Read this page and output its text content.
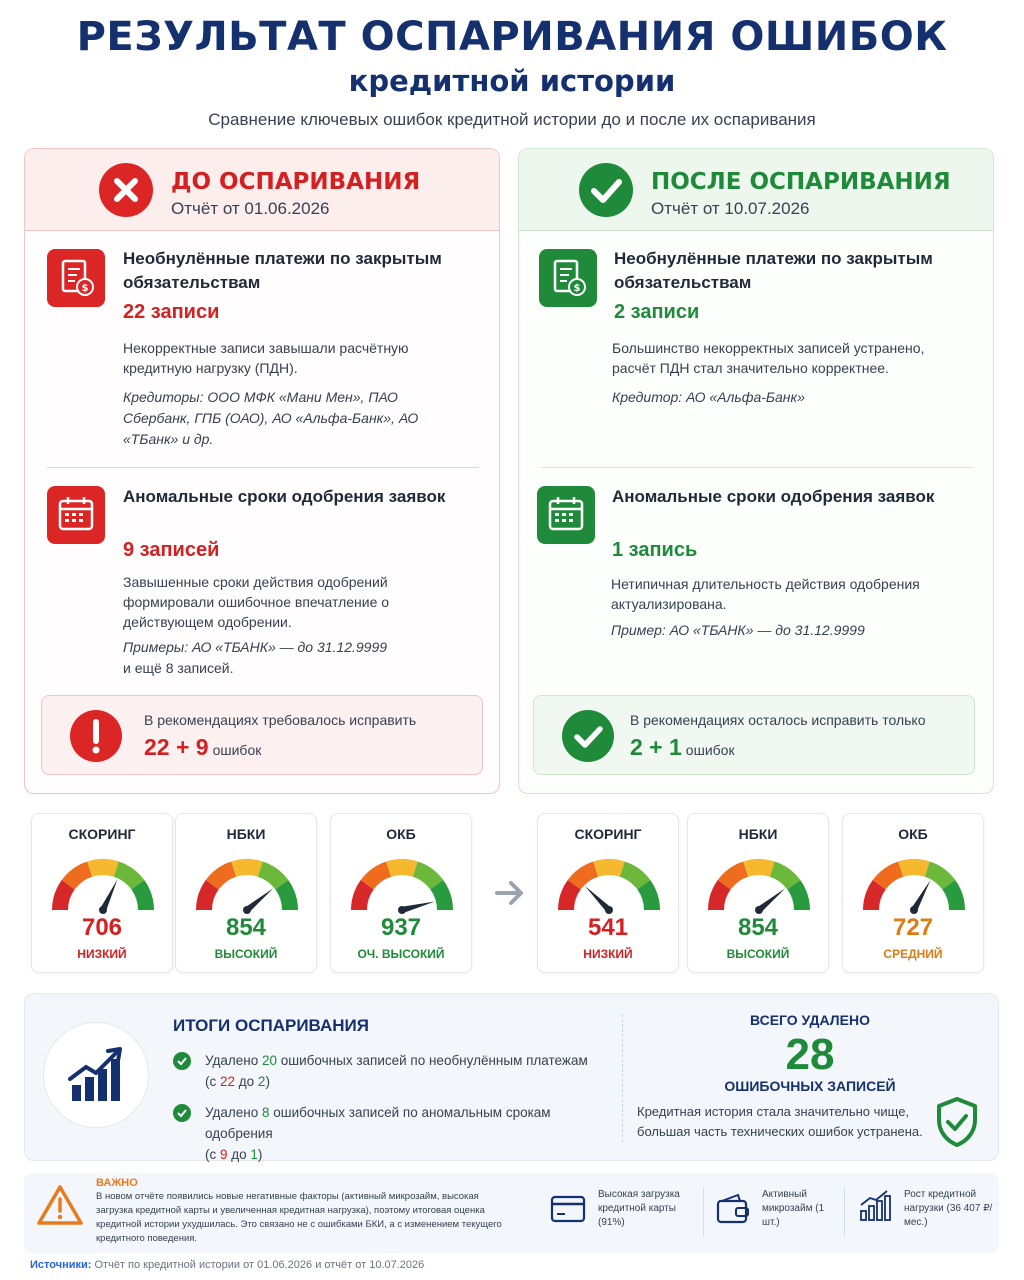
РЕЗУЛЬТАТ ОСПАРИВАНИЯ ОШИБОК
кредитной истории
Сравнение ключевых ошибок кредитной истории до и после их оспаривания
ДО ОСПАРИВАНИЯ
Отчёт от 01.06.2026
$
Необнулённые платежи по закрытым обязательствам
22 записи
Некорректные записи завышали расчётную кредитную нагрузку (ПДН).
Кредиторы: ООО МФК «Мани Мен», ПАО Сбербанк, ГПБ (ОАО), АО «Альфа-Банк», АО «ТБанк» и др.
Аномальные сроки одобрения заявок
9 записей
Завышенные сроки действия одобрений формировали ошибочное впечатление о действующем одобрении.
Примеры: АО «ТБАНК» — до 31.12.9999
и ещё 8 записей.
В рекомендациях требовалось исправить
22 + 9 ошибок
ПОСЛЕ ОСПАРИВАНИЯ
Отчёт от 10.07.2026
$
Необнулённые платежи по закрытым обязательствам
2 записи
Большинство некорректных записей устранено, расчёт ПДН стал значительно корректнее.
Кредитор: АО «Альфа-Банк»
Аномальные сроки одобрения заявок
1 запись
Нетипичная длительность действия одобрения актуализирована.
Пример: АО «ТБАНК» — до 31.12.9999
В рекомендациях осталось исправить только
2 + 1 ошибок
СКОРИНГ
706
НИЗКИЙ
НБКИ
854
ВЫСОКИЙ
ОКБ
937
ОЧ. ВЫСОКИЙ
СКОРИНГ
541
НИЗКИЙ
НБКИ
854
ВЫСОКИЙ
ОКБ
727
СРЕДНИЙ
ИТОГИ ОСПАРИВАНИЯ
Удалено 20 ошибочных записей по необнулённым платежам
(с 22 до 2)
Удалено 8 ошибочных записей по аномальным срокам одобрения
(с 9 до 1)
ВСЕГО УДАЛЕНО
28
ОШИБОЧНЫХ ЗАПИСЕЙ
Кредитная история стала значительно чище, большая часть технических ошибок устранена.
ВАЖНО
В новом отчёте появились новые негативные факторы (активный микрозайм, высокая загрузка кредитной карты и увеличенная кредитная нагрузка), поэтому итоговая оценка кредитной истории ухудшилась. Это связано не с ошибками БКИ, а с изменением текущего кредитного поведения.
Высокая загрузка кредитной карты (91%)
Активный микрозайм (1 шт.)
Рост кредитной нагрузки (36 407 ₽/мес.)
Источники: Отчёт по кредитной истории от 01.06.2026 и отчёт от 10.07.2026
